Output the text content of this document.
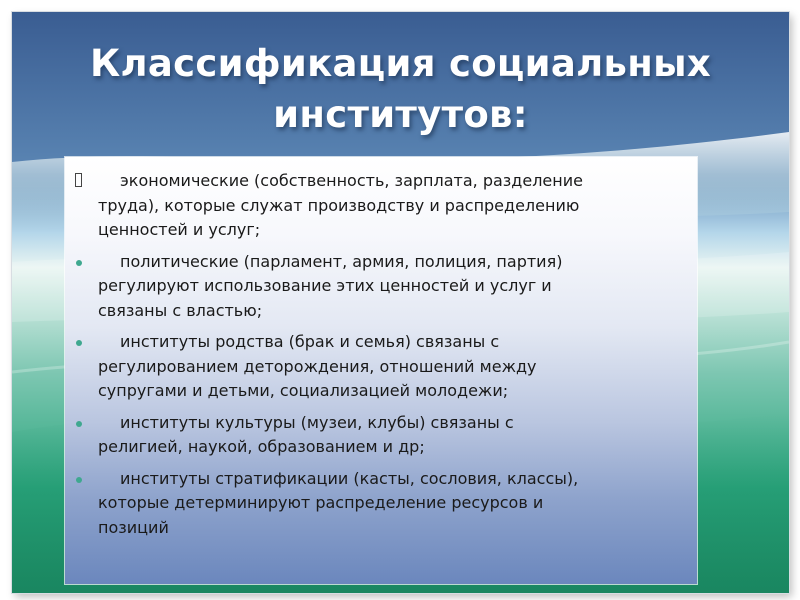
Классификация социальных
институтов:
экономические (собственность, зарплата, разделение
труда), которые служат производству и распределению
ценностей и услуг;
политические (парламент, армия, полиция, партия)
регулируют использование этих ценностей и услуг и
связаны с властью;
институты родства (брак и семья) связаны с
регулированием деторождения, отношений между
супругами и детьми, социализацией молодежи;
институты культуры (музеи, клубы) связаны с
религией, наукой, образованием и др;
институты стратификации (касты, сословия, классы),
которые детерминируют распределение ресурсов и
позиций
